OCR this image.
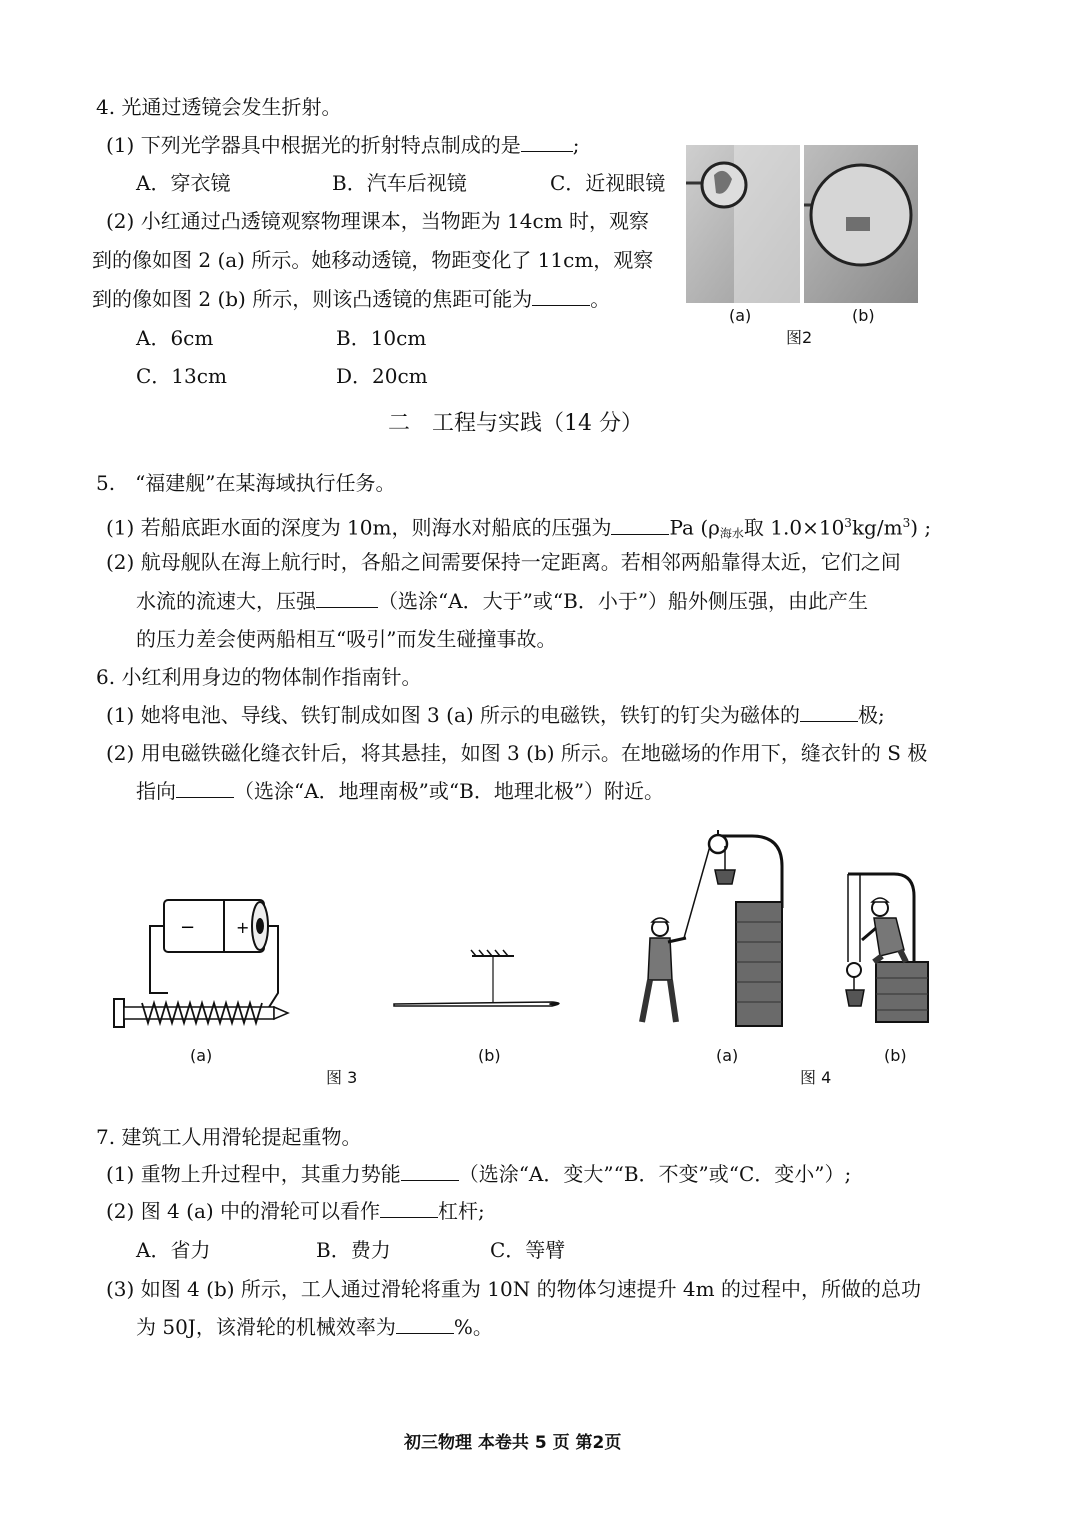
4. 光通过透镜会发生折射。
(1) 下列光学器具中根据光的折射特点制成的是	;
A．穿衣镜	B．汽车后视镜	C．近视眼镜
(2) 小红通过凸透镜观察物理课本，当物距为 14cm 时，观察
到的像如图 2 (a) 所示。她移动透镜，物距变化了 11cm，观察
到的像如图 2 (b) 所示，则该凸透镜的焦距可能为	。
A．6cm	B．10cm
C．13cm	D．20cm
(a)	(b)
图2
二　工程与实践（14 分）
5.　“福建舰”在某海域执行任务。
(1) 若船底距水面的深度为 10m，则海水对船底的压强为	Pa ($\rho_{海水}$取 $1.0\times 10^3kg/m^3$) ;
(2) 航母舰队在海上航行时，各船之间需要保持一定距离。若相邻两船靠得太近，它们之间
水流的流速大，压强	（选涂“A．大于”或“B．小于”）船外侧压强，由此产生
的压力差会使两船相互“吸引”而发生碰撞事故。
6. 小红利用身边的物体制作指南针。
(1) 她将电池、导线、铁钉制成如图 3 (a) 所示的电磁铁，铁钉的钉尖为磁体的	极;
(2) 用电磁铁磁化缝衣针后，将其悬挂，如图 3 (b) 所示。在地磁场的作用下，缝衣针的 S 极
指向	（选涂“A．地理南极”或“B．地理北极”）附近。
−	+
(a)	(b)
图 3
(a)	(b)
图 4
7. 建筑工人用滑轮提起重物。
(1) 重物上升过程中，其重力势能	（选涂“A．变大”“B．不变”或“C．变小”）;
(2) 图 4 (a) 中的滑轮可以看作	杠杆;
A．省力	B．费力	C．等臂
(3) 如图 4 (b) 所示，工人通过滑轮将重为 10N 的物体匀速提升 4m 的过程中，所做的总功
为 50J，该滑轮的机械效率为	%。
初三物理 本卷共 5 页 第2页
